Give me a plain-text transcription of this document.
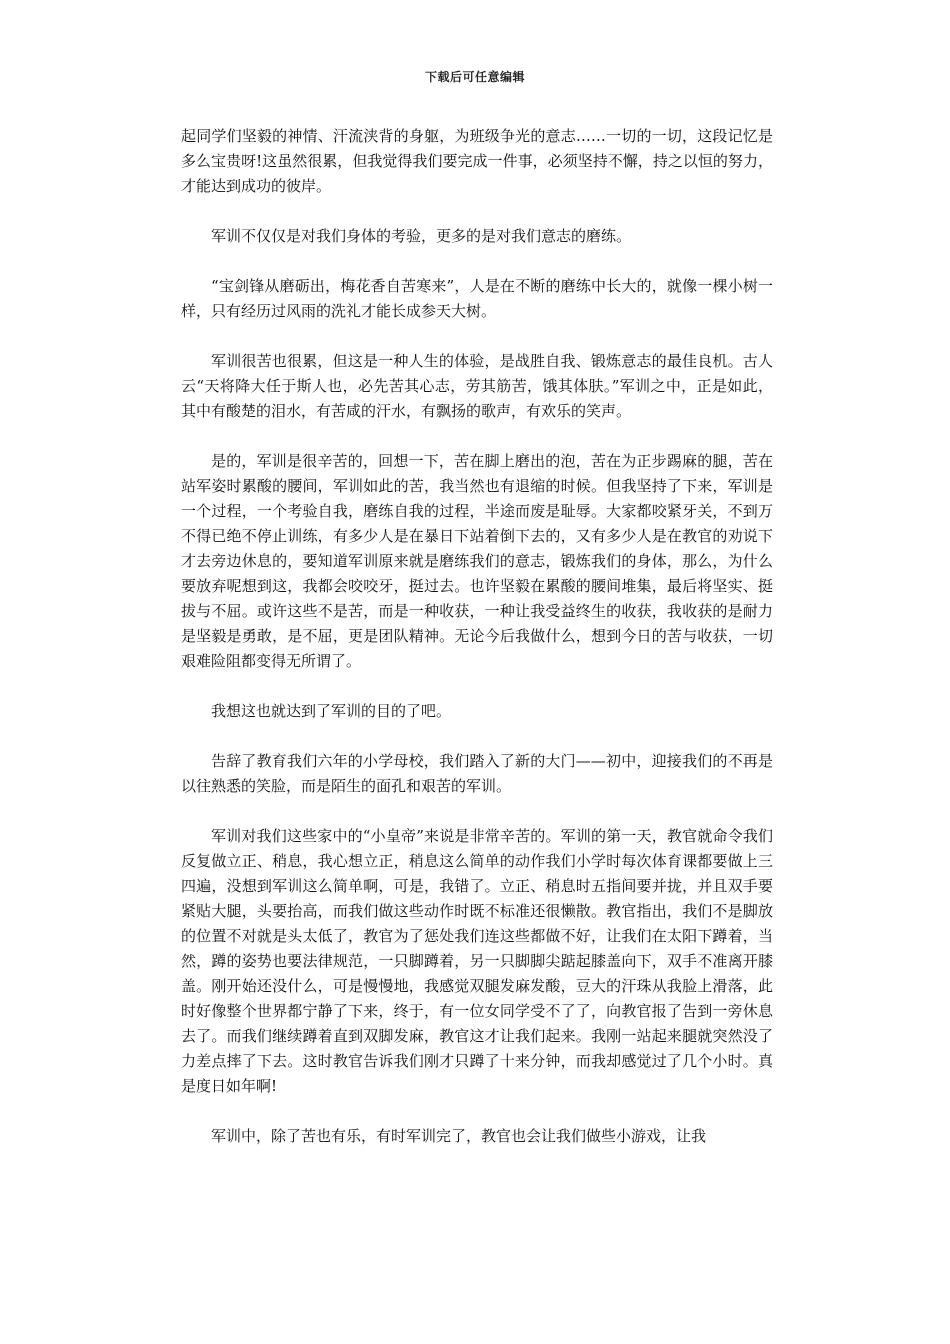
下载后可任意编辑

起同学们坚毅的神情、汗流浃背的身躯，为班级争光的意志……一切的一切，这段记忆是多么宝贵呀!这虽然很累，但我觉得我们要完成一件事，必须坚持不懈，持之以恒的努力，才能达到成功的彼岸。

军训不仅仅是对我们身体的考验，更多的是对我们意志的磨练。

“宝剑锋从磨砺出，梅花香自苦寒来”，人是在不断的磨练中长大的，就像一棵小树一样，只有经历过风雨的洗礼才能长成参天大树。

军训很苦也很累，但这是一种人生的体验，是战胜自我、锻炼意志的最佳良机。古人云“天将降大任于斯人也，必先苦其心志，劳其筋苦，饿其体肤。”军训之中，正是如此，其中有酸楚的泪水，有苦咸的汗水，有飘扬的歌声，有欢乐的笑声。

是的，军训是很辛苦的，回想一下，苦在脚上磨出的泡，苦在为正步踢麻的腿，苦在站军姿时累酸的腰间，军训如此的苦，我当然也有退缩的时候。但我坚持了下来，军训是一个过程，一个考验自我，磨练自我的过程，半途而废是耻辱。大家都咬紧牙关，不到万不得已绝不停止训练，有多少人是在暴日下站着倒下去的，又有多少人是在教官的劝说下才去旁边休息的，要知道军训原来就是磨练我们的意志，锻炼我们的身体，那么，为什么要放弃呢想到这，我都会咬咬牙，挺过去。也许坚毅在累酸的腰间堆集，最后将坚实、挺拔与不屈。或许这些不是苦，而是一种收获，一种让我受益终生的收获，我收获的是耐力是坚毅是勇敢，是不屈，更是团队精神。无论今后我做什么，想到今日的苦与收获，一切艰难险阻都变得无所谓了。

我想这也就达到了军训的目的了吧。

告辞了教育我们六年的小学母校，我们踏入了新的大门——初中，迎接我们的不再是以往熟悉的笑脸，而是陌生的面孔和艰苦的军训。

军训对我们这些家中的“小皇帝”来说是非常辛苦的。军训的第一天，教官就命令我们反复做立正、稍息，我心想立正，稍息这么简单的动作我们小学时每次体育课都要做上三四遍，没想到军训这么简单啊，可是，我错了。立正、稍息时五指间要并拢，并且双手要紧贴大腿，头要抬高，而我们做这些动作时既不标准还很懒散。教官指出，我们不是脚放的位置不对就是头太低了，教官为了惩处我们连这些都做不好，让我们在太阳下蹲着，当然，蹲的姿势也要法律规范，一只脚蹲着，另一只脚脚尖踮起膝盖向下，双手不准离开膝盖。刚开始还没什么，可是慢慢地，我感觉双腿发麻发酸，豆大的汗珠从我脸上滑落，此时好像整个世界都宁静了下来，终于，有一位女同学受不了了，向教官报了告到一旁休息去了。而我们继续蹲着直到双脚发麻，教官这才让我们起来。我刚一站起来腿就突然没了力差点摔了下去。这时教官告诉我们刚才只蹲了十来分钟，而我却感觉过了几个小时。真是度日如年啊!

军训中，除了苦也有乐，有时军训完了，教官也会让我们做些小游戏，让我
